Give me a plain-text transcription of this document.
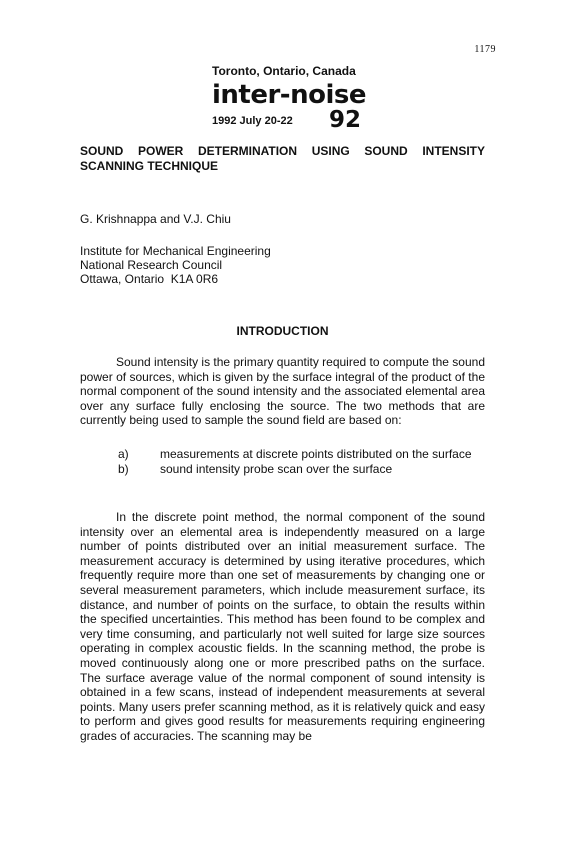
1179
Toronto, Ontario, Canada
inter-noise
1992 July 20-22 92
SOUND POWER DETERMINATION USING SOUND INTENSITY
SCANNING TECHNIQUE
G. Krishnappa and V.J. Chiu
Institute for Mechanical Engineering
National Research Council
Ottawa, Ontario  K1A 0R6
INTRODUCTION

Sound intensity is the primary quantity required to compute the sound power of sources, which is given by the surface integral of the product of the normal component of the sound intensity and the associated elemental area over any surface fully enclosing the source. The two methods that are currently being used to sample the sound field are based on:

a)	measurements at discrete points distributed on the surface
b)	sound intensity probe scan over the surface

In the discrete point method, the normal component of the sound intensity over an elemental area is independently measured on a large number of points distributed over an initial measurement surface. The measurement accuracy is determined by using iterative procedures, which frequently require more than one set of measurements by changing one or several measurement parameters, which include measurement surface, its distance, and number of points on the surface, to obtain the results within the specified uncertainties. This method has been found to be complex and very time consuming, and particularly not well suited for large size sources operating in complex acoustic fields. In the scanning method, the probe is moved continuously along one or more prescribed paths on the surface. The surface average value of the normal component of sound intensity is obtained in a few scans, instead of independent measurements at several points. Many users prefer scanning method, as it is relatively quick and easy to perform and gives good results for measurements requiring engineering grades of accuracies. The scanning may be
